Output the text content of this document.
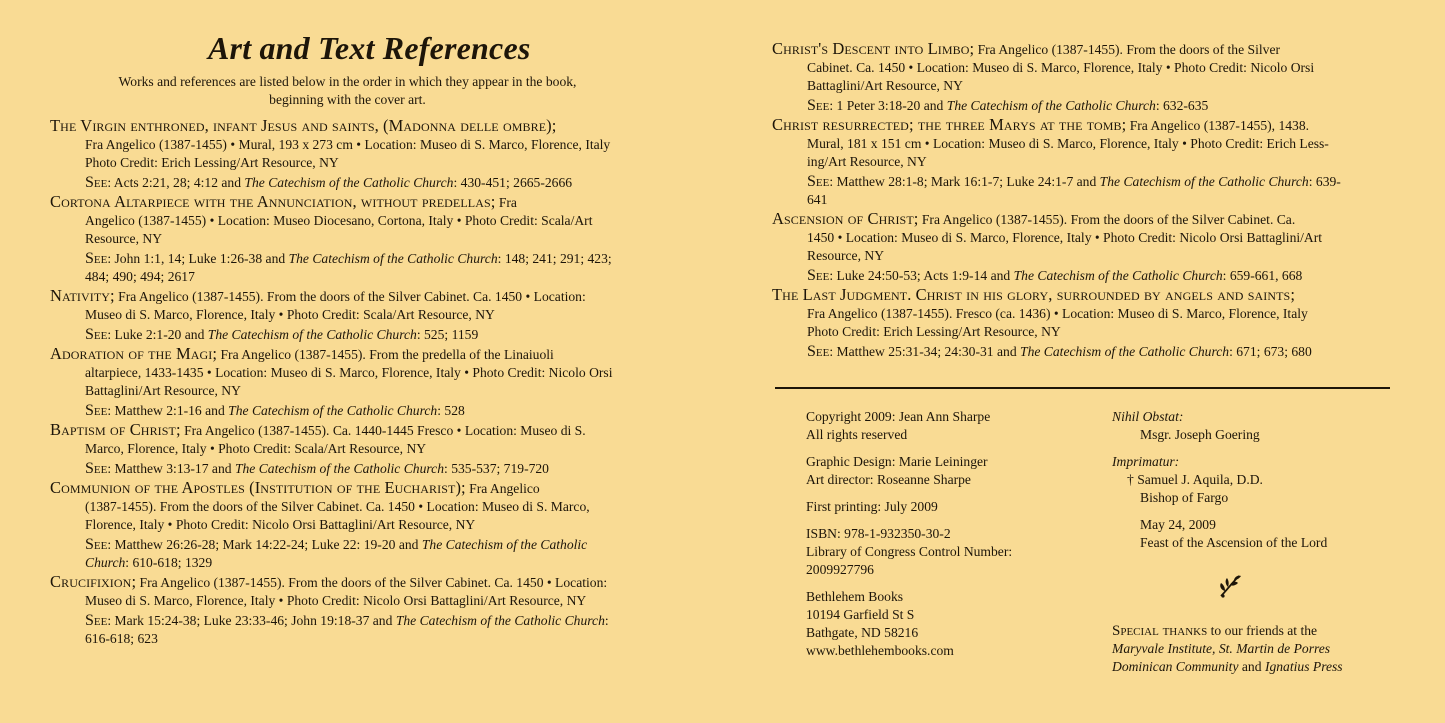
Art and Text References
Works and references are listed below in the order in which they appear in the book,
beginning with the cover art.
The Virgin enthroned, infant Jesus and saints, (Madonna delle ombre);
Fra Angelico (1387-1455) • Mural, 193 x 273 cm • Location: Museo di S. Marco, Florence, Italy
Photo Credit: Erich Lessing/Art Resource, NY
See: Acts 2:21, 28; 4:12 and The Catechism of the Catholic Church: 430-451; 2665-2666
Cortona Altarpiece with the Annunciation, without predellas; Fra
Angelico (1387-1455) • Location: Museo Diocesano, Cortona, Italy • Photo Credit: Scala/Art
Resource, NY
See: John 1:1, 14; Luke 1:26-38 and The Catechism of the Catholic Church: 148; 241; 291; 423;
484; 490; 494; 2617
Nativity; Fra Angelico (1387-1455). From the doors of the Silver Cabinet. Ca. 1450 • Location:
Museo di S. Marco, Florence, Italy • Photo Credit: Scala/Art Resource, NY
See: Luke 2:1-20 and The Catechism of the Catholic Church: 525; 1159
Adoration of the Magi; Fra Angelico (1387-1455). From the predella of the Linaiuoli
altarpiece, 1433-1435 • Location: Museo di S. Marco, Florence, Italy • Photo Credit: Nicolo Orsi
Battaglini/Art Resource, NY
See: Matthew 2:1-16 and The Catechism of the Catholic Church: 528
Baptism of Christ; Fra Angelico (1387-1455). Ca. 1440-1445 Fresco • Location: Museo di S.
Marco, Florence, Italy • Photo Credit: Scala/Art Resource, NY
See: Matthew 3:13-17 and The Catechism of the Catholic Church: 535-537; 719-720
Communion of the Apostles (Institution of the Eucharist); Fra Angelico
(1387-1455). From the doors of the Silver Cabinet. Ca. 1450 • Location: Museo di S. Marco,
Florence, Italy • Photo Credit: Nicolo Orsi Battaglini/Art Resource, NY
See: Matthew 26:26-28; Mark 14:22-24; Luke 22: 19-20 and The Catechism of the Catholic
Church: 610-618; 1329
Crucifixion; Fra Angelico (1387-1455). From the doors of the Silver Cabinet. Ca. 1450 • Location:
Museo di S. Marco, Florence, Italy • Photo Credit: Nicolo Orsi Battaglini/Art Resource, NY
See: Mark 15:24-38; Luke 23:33-46; John 19:18-37 and The Catechism of the Catholic Church:
616-618; 623
Christ's Descent into Limbo; Fra Angelico (1387-1455). From the doors of the Silver
Cabinet. Ca. 1450 • Location: Museo di S. Marco, Florence, Italy • Photo Credit: Nicolo Orsi
Battaglini/Art Resource, NY
See: 1 Peter 3:18-20 and The Catechism of the Catholic Church: 632-635
Christ resurrected; the three Marys at the tomb; Fra Angelico (1387-1455), 1438.
Mural, 181 x 151 cm • Location: Museo di S. Marco, Florence, Italy • Photo Credit: Erich Less-
ing/Art Resource, NY
See: Matthew 28:1-8; Mark 16:1-7; Luke 24:1-7 and The Catechism of the Catholic Church: 639-
641
Ascension of Christ; Fra Angelico (1387-1455). From the doors of the Silver Cabinet. Ca.
1450 • Location: Museo di S. Marco, Florence, Italy • Photo Credit: Nicolo Orsi Battaglini/Art
Resource, NY
See: Luke 24:50-53; Acts 1:9-14 and The Catechism of the Catholic Church: 659-661, 668
The Last Judgment. Christ in his glory, surrounded by angels and saints;
Fra Angelico (1387-1455). Fresco (ca. 1436) • Location: Museo di S. Marco, Florence, Italy
Photo Credit: Erich Lessing/Art Resource, NY
See: Matthew 25:31-34; 24:30-31 and The Catechism of the Catholic Church: 671; 673; 680
Copyright 2009: Jean Ann Sharpe
All rights reserved
Graphic Design: Marie Leininger
Art director: Roseanne Sharpe
First printing: July 2009
ISBN: 978-1-932350-30-2
Library of Congress Control Number:
2009927796
Bethlehem Books
10194 Garfield St S
Bathgate, ND 58216
www.bethlehembooks.com
Nihil Obstat:
Msgr. Joseph Goering
Imprimatur:
† Samuel J. Aquila, D.D.
Bishop of Fargo
May 24, 2009
Feast of the Ascension of the Lord
Special thanks to our friends at the
Maryvale Institute, St. Martin de Porres
Dominican Community and Ignatius Press
